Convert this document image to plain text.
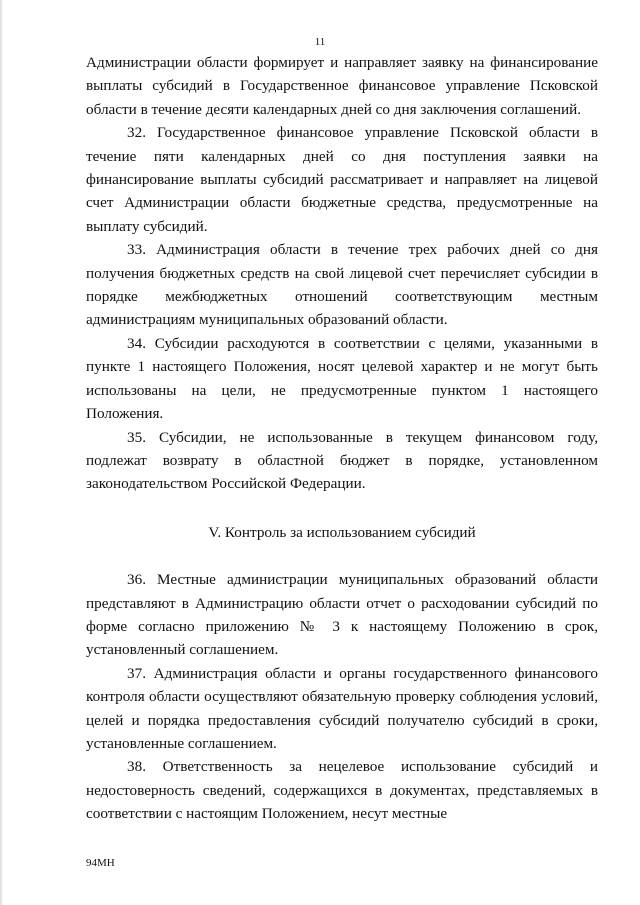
11

Администрации области формирует и направляет заявку на финансирование выплаты субсидий в Государственное финансовое управление Псковской области в течение десяти календарных дней со дня заключения соглашений.

32. Государственное финансовое управление Псковской области в течение пяти календарных дней со дня поступления заявки на финансирование выплаты субсидий рассматривает и направляет на лицевой счет Администрации области бюджетные средства, предусмотренные на выплату субсидий.

33. Администрация области в течение трех рабочих дней со дня получения бюджетных средств на свой лицевой счет перечисляет субсидии в порядке межбюджетных отношений соответствующим местным администрациям муниципальных образований области.

34. Субсидии расходуются в соответствии с целями, указанными в пункте 1 настоящего Положения, носят целевой характер и не могут быть использованы на цели, не предусмотренные пунктом 1 настоящего Положения.

35. Субсидии, не использованные в текущем финансовом году, подлежат возврату в областной бюджет в порядке, установленном законодательством Российской Федерации.

V. Контроль за использованием субсидий

36. Местные администрации муниципальных образований области представляют в Администрацию области отчет о расходовании субсидий по форме согласно приложению № 3 к настоящему Положению в срок, установленный соглашением.

37. Администрация области и органы государственного финансового контроля области осуществляют обязательную проверку соблюдения условий, целей и порядка предоставления субсидий получателю субсидий в сроки, установленные соглашением.

38. Ответственность за нецелевое использование субсидий и недостоверность сведений, содержащихся в документах, представляемых в соответствии с настоящим Положением, несут местные

94МН
